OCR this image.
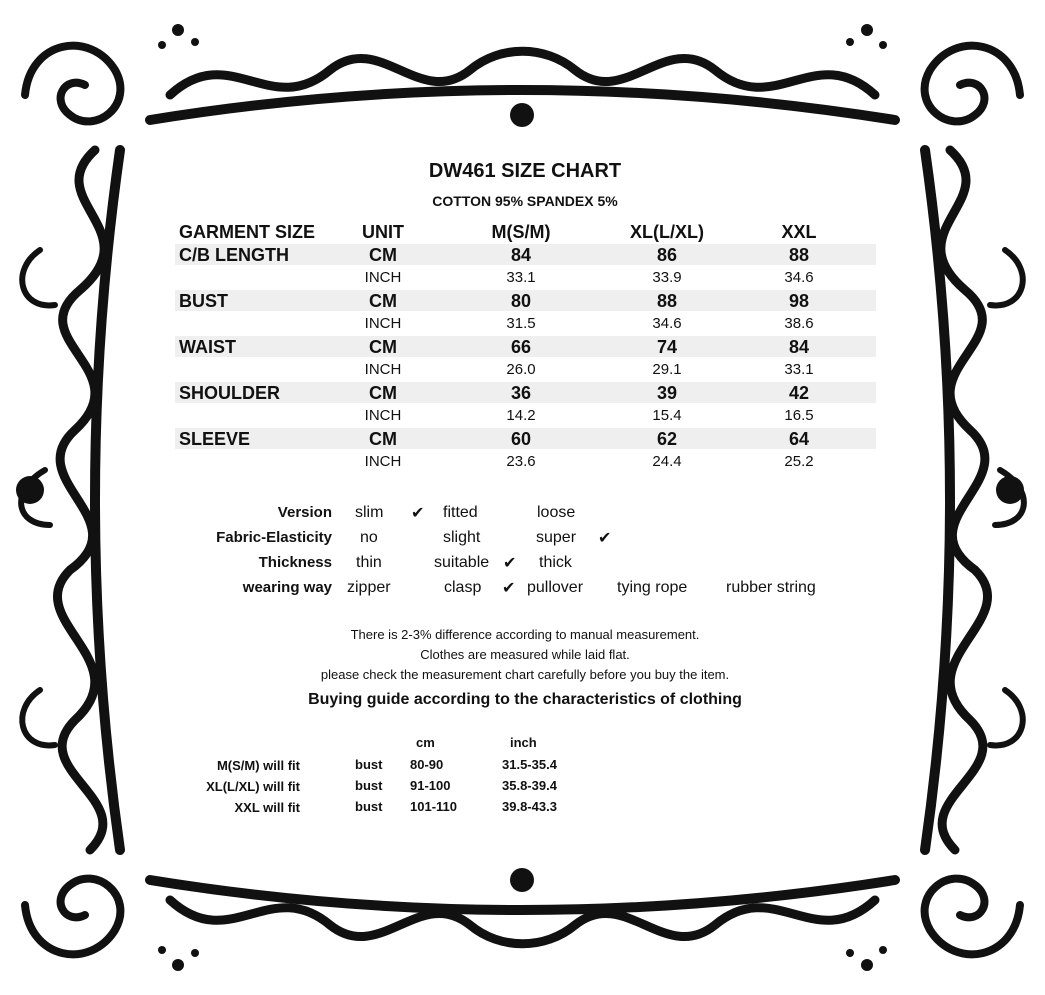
DW461 SIZE CHART
COTTON 95% SPANDEX 5%
GARMENT SIZE	UNIT	M(S/M)	XL(L/XL)	XXL
C/B LENGTH	CM	84	86	88
INCH	33.1	33.9	34.6
BUST	CM	80	88	98
INCH	31.5	34.6	38.6
WAIST	CM	66	74	84
INCH	26.0	29.1	33.1
SHOULDER	CM	36	39	42
INCH	14.2	15.4	16.5
SLEEVE	CM	60	62	64
INCH	23.6	24.4	25.2
Version slim ✔ fitted	loose
Fabric-Elasticity no	slight	super ✔
Thickness thin	suitable ✔ thick
wearing way zipper	clasp ✔ pullover tying rope rubber string
There is 2-3% difference according to manual measurement.
Clothes are measured while laid flat.
please check the measurement chart carefully before you buy the item.
Buying guide according to the characteristics of clothing
cm	inch
M(S/M) will fit	bust 80-90	31.5-35.4
XL(L/XL) will fit	bust 91-100	35.8-39.4
XXL will fit	bust 101-110	39.8-43.3
